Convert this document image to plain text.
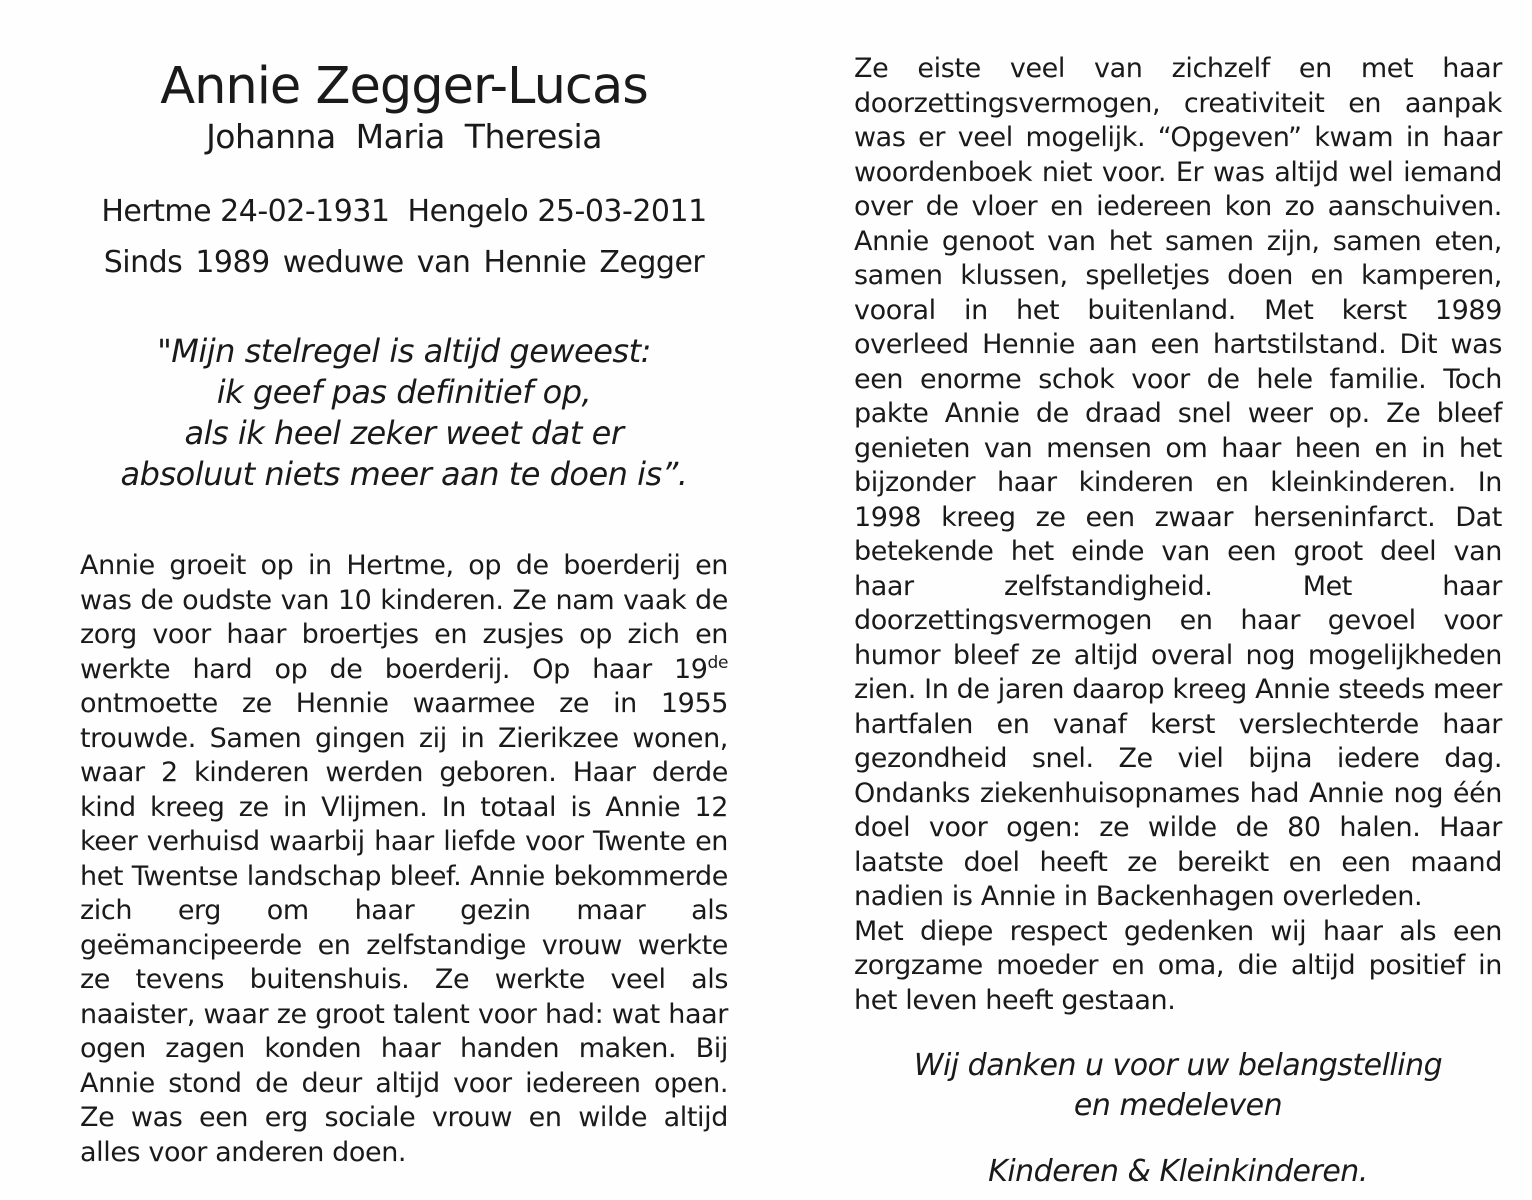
Annie Zegger-Lucas
Johanna Maria Theresia
Hertme 24-02-1931  Hengelo 25-03-2011
Sinds 1989 weduwe van Hennie Zegger
"Mijn stelregel is altijd geweest:
ik geef pas definitief op,
als ik heel zeker weet dat er
absoluut niets meer aan te doen is”.
Annie groeit op in Hertme, op de boerderij en was de oudste van 10 kinderen. Ze nam vaak de zorg voor haar broertjes en zusjes op zich en werkte hard op de boerderij. Op haar 19de ontmoette ze Hennie waarmee ze in 1955 trouwde. Samen gingen zij in Zierikzee wonen, waar 2 kinderen werden geboren. Haar derde kind kreeg ze in Vlijmen. In totaal is Annie 12 keer verhuisd waarbij haar liefde voor Twente en het Twentse landschap bleef. Annie bekommerde zich erg om haar gezin maar als geëmancipeerde en zelfstandige vrouw werkte ze tevens buitenshuis. Ze werkte veel als naaister, waar ze groot talent voor had: wat haar ogen zagen konden haar handen maken. Bij Annie stond de deur altijd voor iedereen open. Ze was een erg sociale vrouw en wilde altijd alles voor anderen doen.
Ze eiste veel van zichzelf en met haar doorzettingsvermogen, creativiteit en aanpak was er veel mogelijk. “Opgeven” kwam in haar woordenboek niet voor. Er was altijd wel iemand over de vloer en iedereen kon zo aanschuiven. Annie genoot van het samen zijn, samen eten, samen klussen, spelletjes doen en kamperen, vooral in het buitenland. Met kerst 1989 overleed Hennie aan een hartstilstand. Dit was een enorme schok voor de hele familie. Toch pakte Annie de draad snel weer op. Ze bleef genieten van mensen om haar heen en in het bijzonder haar kinderen en kleinkinderen. In 1998 kreeg ze een zwaar herseninfarct. Dat betekende het einde van een groot deel van haar zelfstandigheid. Met haar doorzettingsvermogen en haar gevoel voor humor bleef ze altijd overal nog mogelijkheden zien. In de jaren daarop kreeg Annie steeds meer hartfalen en vanaf kerst verslechterde haar gezondheid snel. Ze viel bijna iedere dag. Ondanks ziekenhuisopnames had Annie nog één doel voor ogen: ze wilde de 80 halen. Haar laatste doel heeft ze bereikt en een maand nadien is Annie in Backenhagen overleden.
Met diepe respect gedenken wij haar als een zorgzame moeder en oma, die altijd positief in het leven heeft gestaan.
Wij danken u voor uw belangstelling
en medeleven
Kinderen & Kleinkinderen.
